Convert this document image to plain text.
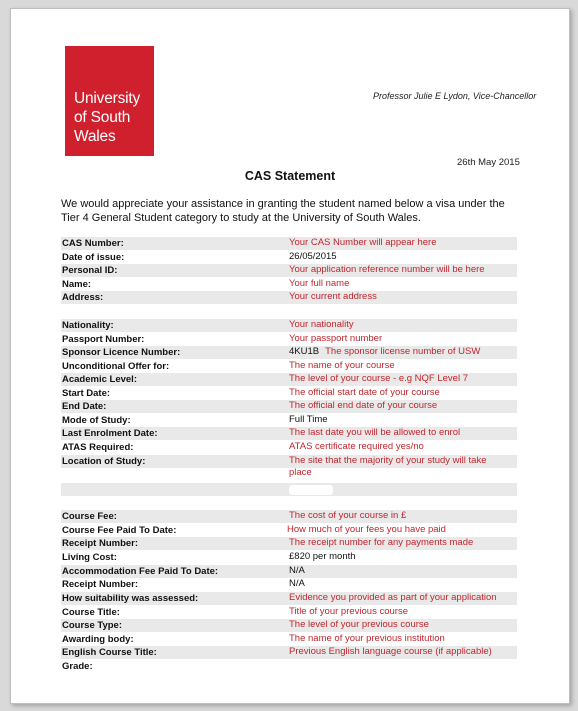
University
of South
Wales
Professor Julie E Lydon, Vice-Chancellor
26th May 2015
CAS Statement
We would appreciate your assistance in granting the student named below a visa under the Tier 4 General Student category to study at the University of South Wales.
CAS Number:	Your CAS Number will appear here
Date of issue:	26/05/2015
Personal ID:	Your application reference number will be here
Name:	Your full name
Address:	Your current address
Nationality:	Your nationality
Passport Number:	Your passport number
Sponsor Licence Number:	4KU1B The sponsor license number of USW
Unconditional Offer for:	The name of your course
Academic Level:	The level of your course - e.g NQF Level 7
Start Date:	The official start date of your course
End Date:	The official end date of your course
Mode of Study:	Full Time
Last Enrolment Date:	The last date you will be allowed to enrol
ATAS Required:	ATAS certificate required yes/no
Location of Study:	The site that the majority of your study will take place
Course Fee:	The cost of your course in £
Course Fee Paid To Date:	How much of your fees you have paid
Receipt Number:	The receipt number for any payments made
Living Cost:	£820 per month
Accommodation Fee Paid To Date:	N/A
Receipt Number:	N/A
How suitability was assessed:	Evidence you provided as part of your application
Course Title:	Title of your previous course
Course Type:	The level of your previous course
Awarding body:	The name of your previous institution
English Course Title:	Previous English language course (if applicable)
Grade:
